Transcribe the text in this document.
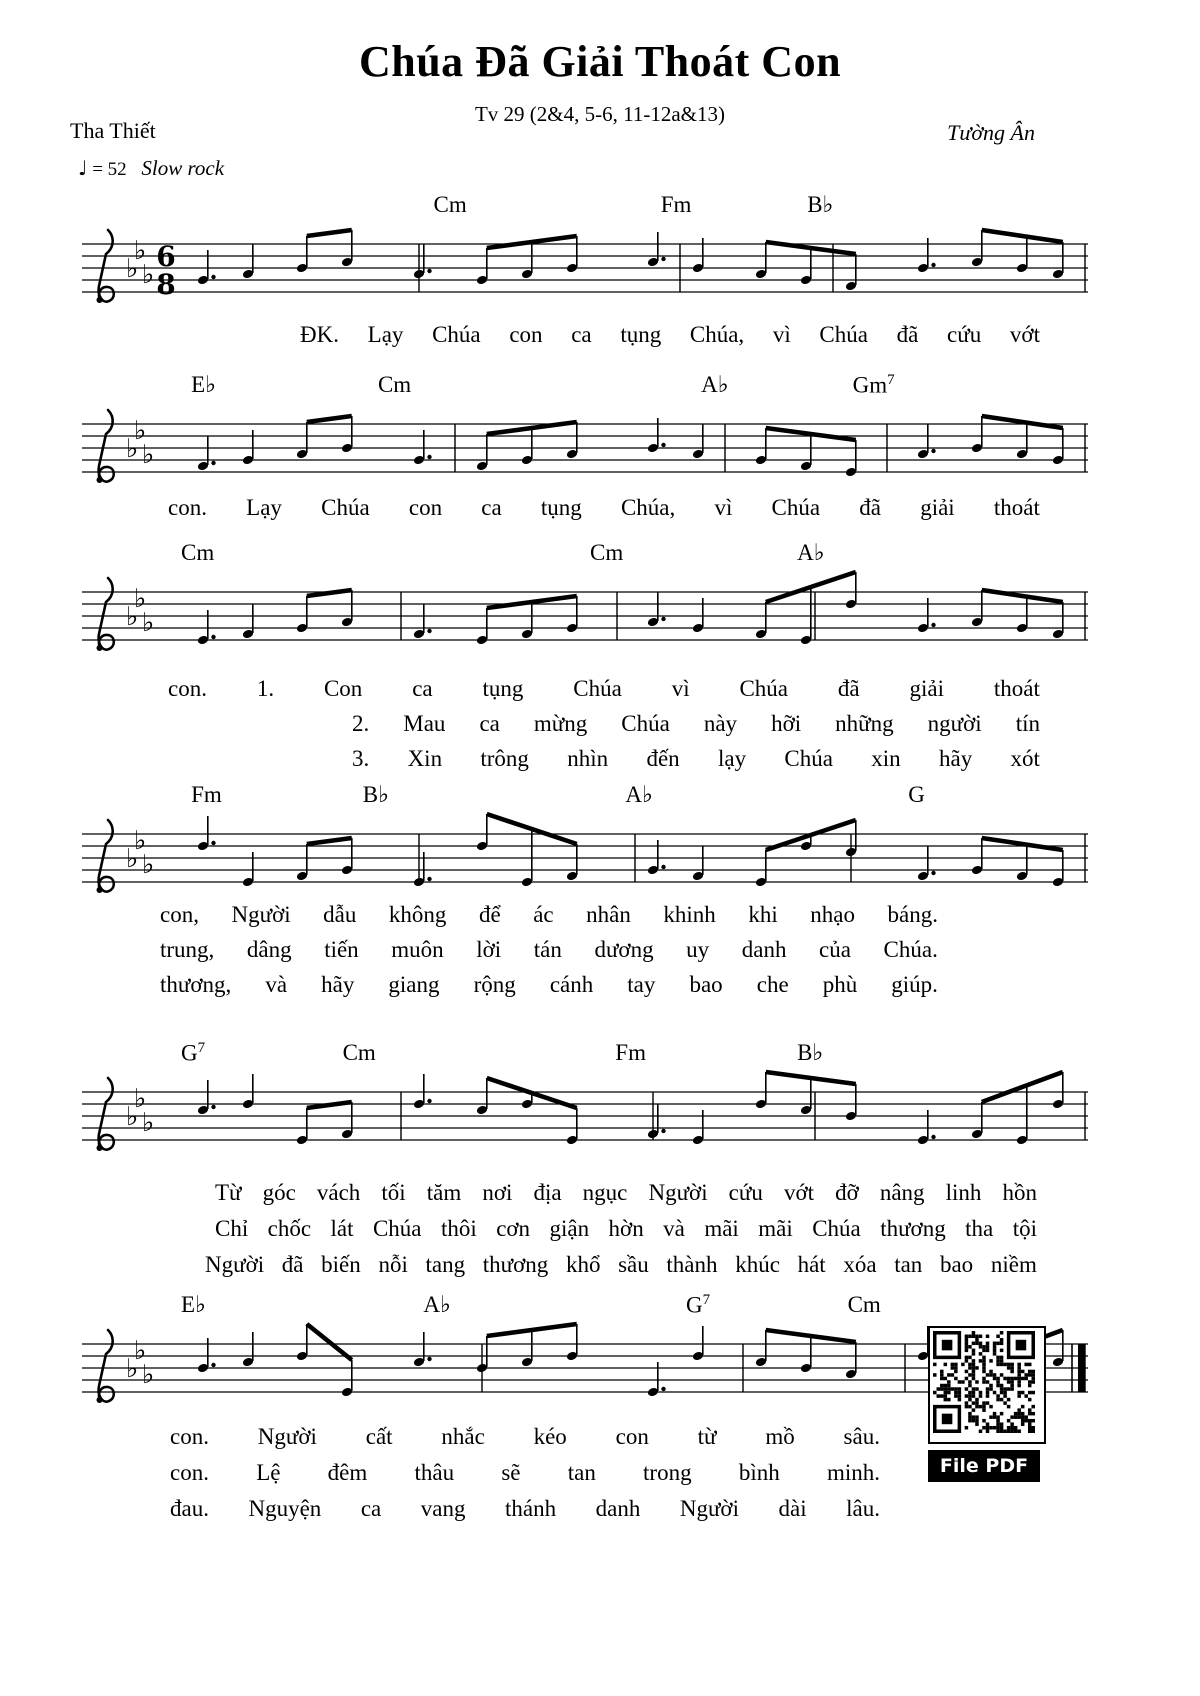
Chúa Đã Giải Thoát Con
Tv 29 (2&4, 5-6, 11-12a&13)
Tha Thiết	Tường Ân
♩ = 52 Slow rock
Cm	Fm	B♭
♭
♭
♭
6
8
ĐK. Lạy Chúa con ca tụng Chúa, vì Chúa đã cứu vớt
E♭	Cm	A♭	Gm$^7$
♭
♭
♭
con. Lạy Chúa con ca tụng Chúa, vì Chúa đã giải thoát
Cm	Cm	A♭
♭
♭
♭
con. 1. Con ca tụng Chúa vì Chúa đã giải thoát
2. Mau ca mừng Chúa này hỡi những người tín
3. Xin trông nhìn đến lạy Chúa xin hãy xót
Fm	B♭	A♭	G
♭
♭
♭
con, Người dẫu không để ác nhân khinh khi nhạo báng.
trung, dâng tiến muôn lời tán dương uy danh của Chúa.
thương, và hãy giang rộng cánh tay bao che phù giúp.
$G^7$	Cm	Fm	B♭
♭
♭
♭
Từ góc vách tối tăm nơi địa ngục Người cứu vớt đỡ nâng linh hồn
Chỉ chốc lát Chúa thôi cơn giận hờn và mãi mãi Chúa thương tha tội
Người đã biến nỗi tang thương khổ sầu thành khúc hát xóa tan bao niềm
E♭	A♭	$G^7$	Cm
♭
♭
♭
con. Người cất nhắc kéo con từ mồ sâu.
con. Lệ đêm thâu sẽ tan trong bình minh.
đau. Nguyện ca vang thánh danh Người dài lâu.
File PDF
